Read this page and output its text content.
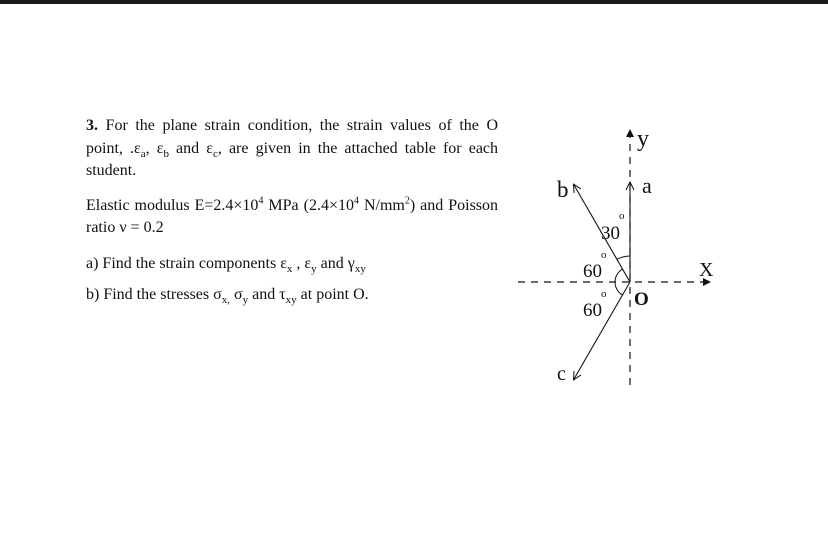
3. For the plane strain condition, the strain values of the O point, $.\varepsilon_a$, $\varepsilon_b$ and $\varepsilon_c$, are given in the attached table for each student.

Elastic modulus $E=2.4\times 10^4$ MPa ($2.4\times 10^4$ $N/mm^2$) and Poisson ratio ν = 0.2

a) Find the strain components $\varepsilon_x$ , $\varepsilon_y$ and $\gamma_{xy}$

b) Find the stresses $\sigma_{x,}$ $\sigma_y$ and $\tau_{xy}$ at point O.

y
X
a
b
c
O
30
o
60
o
60
o
